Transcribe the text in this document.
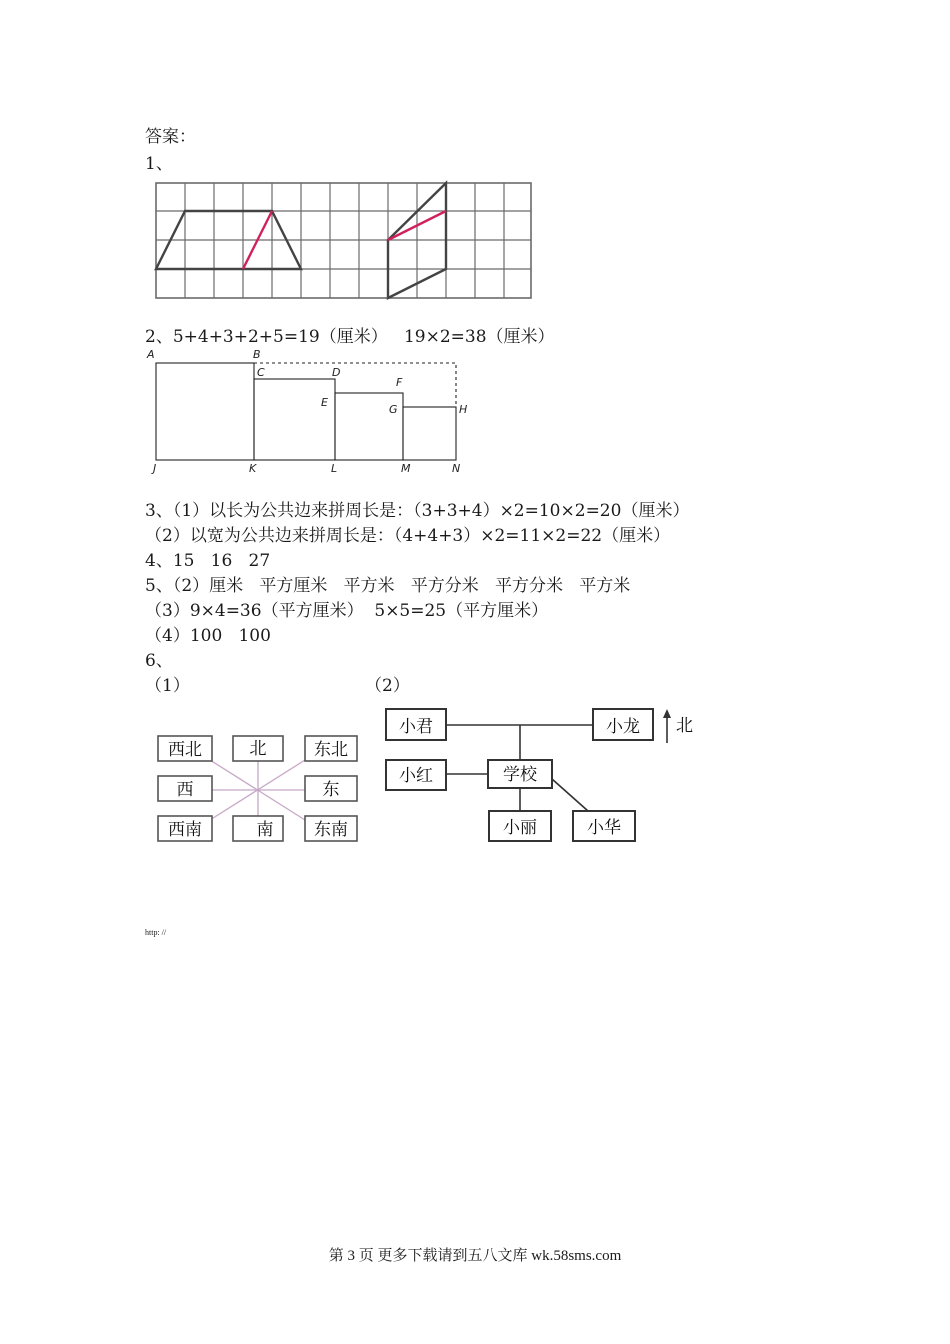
答案：
1、
2、5+4+3+2+5=19（厘米）   19×2=38（厘米）
A	B
C	D
E
F
G	H
J	K	L	M	N
3、（1）以长为公共边来拼周长是：（3+3+4）×2=10×2=20（厘米）
（2）以宽为公共边来拼周长是：（4+4+3）×2=11×2=22（厘米）
4、15   16   27
5、（2）厘米   平方厘米   平方米   平方分米   平方分米   平方米
（3）9×4=36（平方厘米）  5×5=25（平方厘米）
（4）100   100
6、
（1）	（2）
西北	北	东北
西	东
西南	南 东南
小君	小龙 北
小红	学校
小丽	小华
http: //
第 3 页 更多下载请到五八文库 wk.58sms.com
